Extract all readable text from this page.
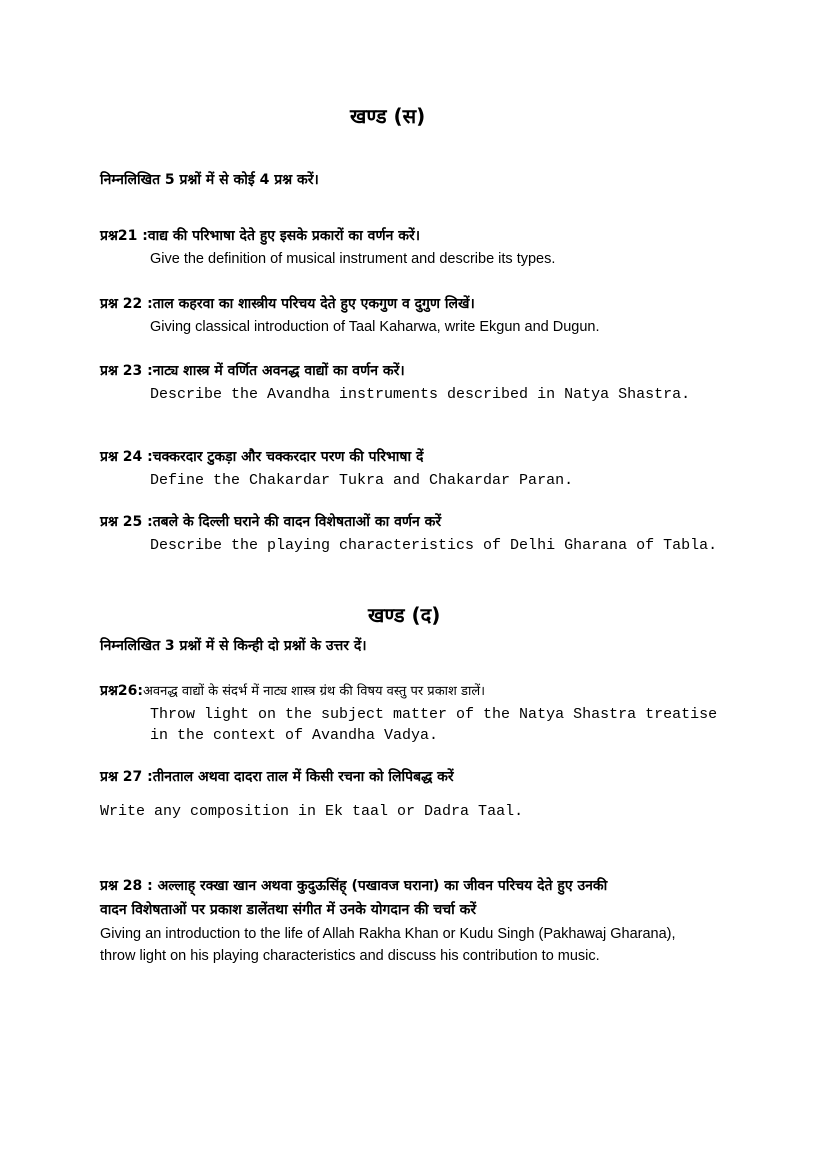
खण्ड (स)
निम्नलिखित 5 प्रश्नों में से कोई 4 प्रश्न करें।
प्रश्न21 :वाद्य की परिभाषा देते हुए इसके प्रकारों का वर्णन करें।
Give the definition of musical instrument and describe its types.
प्रश्न 22 :ताल कहरवा का शास्त्रीय परिचय देते हुए एकगुण व दुगुण लिखें।
Giving classical introduction of Taal Kaharwa, write Ekgun and Dugun.
प्रश्न 23 :नाट्य शास्त्र में वर्णित अवनद्ध वाद्यों का वर्णन करें।
Describe the Avandha instruments described in Natya Shastra.
प्रश्न 24 :चक्करदार टुकड़ा और चक्करदार परण की परिभाषा दें
Define the Chakardar Tukra and Chakardar Paran.
प्रश्न 25 :तबले के दिल्ली घराने की वादन विशेषताओं का वर्णन करें
Describe the playing characteristics of Delhi Gharana of Tabla.
खण्ड (द)
निम्नलिखित 3 प्रश्नों में से किन्ही दो प्रश्नों के उत्तर दें।
प्रश्न26:अवनद्ध वाद्यों के संदर्भ में नाट्य शास्त्र ग्रंथ की विषय वस्तु पर प्रकाश डालें।
Throw light on the subject matter of the Natya Shastra treatise in the context of Avandha Vadya.
प्रश्न 27 :तीनताल अथवा दादरा ताल में किसी रचना को लिपिबद्ध करें
Write any composition in Ek taal or Dadra Taal.
प्रश्न 28 : अल्लाह् रक्खा खान अथवा कुदुऊसिंह् (पखावज घराना) का जीवन परिचय देते हुए उनकी
वादन विशेषताओं पर प्रकाश डालेंतथा संगीत में उनके योगदान की चर्चा करें
Giving an introduction to the life of Allah Rakha Khan or Kudu Singh (Pakhawaj Gharana),
throw light on his playing characteristics and discuss his contribution to music.
